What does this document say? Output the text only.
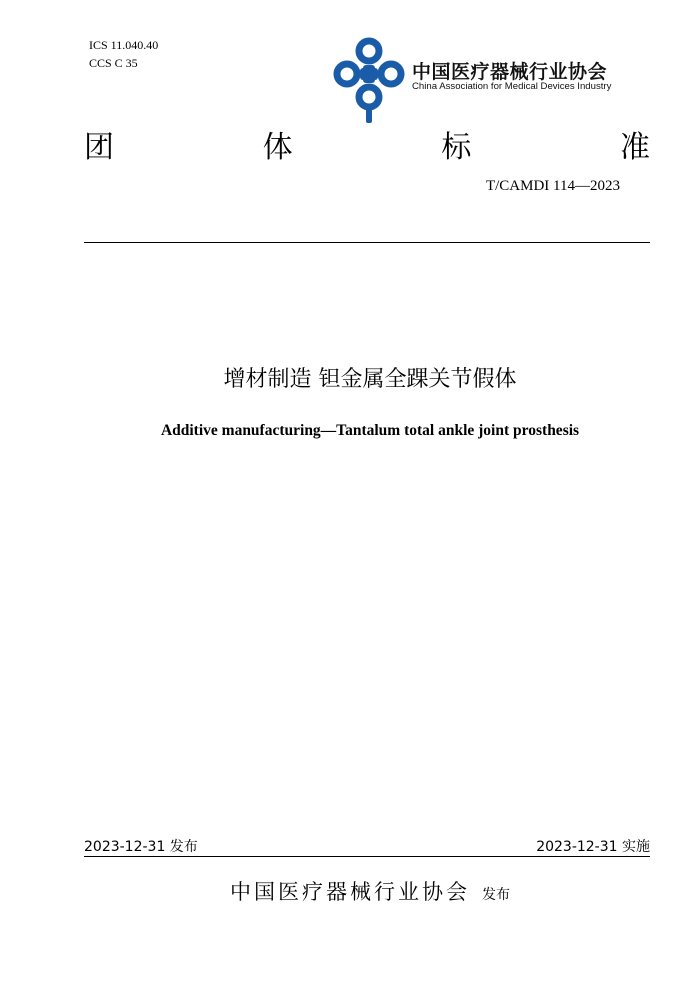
ICS 11.040.40
CCS C 35	中国医疗器械行业协会
China Association for Medical Devices Industry
团	体	标	准
T/CAMDI 114—2023
增材制造 钽金属全踝关节假体
Additive manufacturing—Tantalum total ankle joint prosthesis
2023-12-31 发布	2023-12-31 实施
中国医疗器械行业协会 发布
